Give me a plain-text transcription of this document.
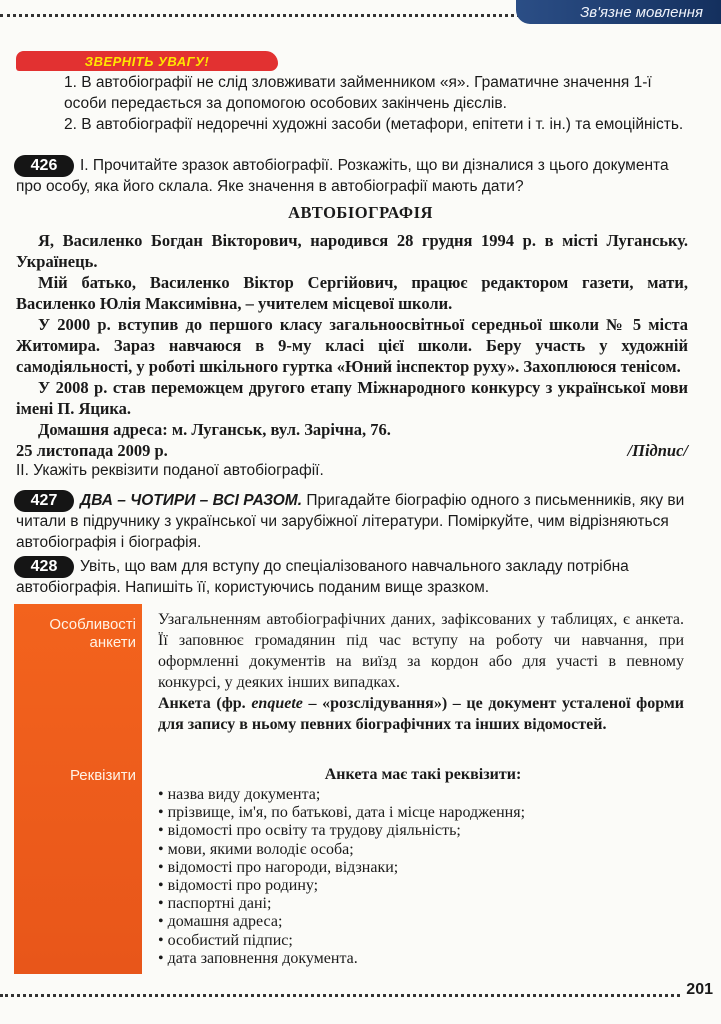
Зв'язне мовлення
ЗВЕРНІТЬ УВАГУ!
1. В автобіографії не слід зловживати займенником «я». Граматичне значення 1-ї особи передається за допомогою особових закінчень дієслів.
2. В автобіографії недоречні художні засоби (метафори, епітети і т. ін.) та емоційність.
426	І. Прочитайте зразок автобіографії. Розкажіть, що ви дізналися з цього документа про особу, яка його склала. Яке значення в автобіографії мають дати?
АВТОБІОГРАФІЯ

Я, Василенко Богдан Вікторович, народився 28 грудня 1994 р. в місті Луганську. Українець.

Мій батько, Василенко Віктор Сергійович, працює редактором газети, мати, Василенко Юлія Максимівна, – учителем місцевої школи.

У 2000 р. вступив до першого класу загальноосвітньої середньої школи № 5 міста Житомира. Зараз навчаюся в 9-му класі цієї школи. Беру участь у художній самодіяльності, у роботі шкільного гуртка «Юний інспектор руху». Захоплююся тенісом.

У 2008 р. став переможцем другого етапу Міжнародного конкурсу з української мови імені П. Яцика.

Домашня адреса: м. Луганськ, вул. Зарічна, 76.

25 листопада 2009 р.	/Підпис/

ІІ. Укажіть реквізити поданої автобіографії.
427	ДВА – ЧОТИРИ – ВСІ РАЗОМ. Пригадайте біографію одного з письменників, яку ви читали в підручнику з української чи зарубіжної літератури. Поміркуйте, чим відрізняються автобіографія і біографія.
428	Увіть, що вам для вступу до спеціалізованого навчального закладу потрібна автобіографія. Напишіть її, користуючись поданим вище зразком.
Особливості анкети
Реквізити

Узагальненням автобіографічних даних, зафіксованих у таблицях, є анкета. Її заповнює громадянин під час вступу на роботу чи навчання, при оформленні документів на виїзд за кордон або для участі в певному конкурсі, у деяких інших випадках.

Анкета (фр. enquete – «розслідування») – це документ усталеної форми для запису в ньому певних біографічних та інших відомостей.

Анкета має такі реквізити:
• назва виду документа;
• прізвище, ім'я, по батькові, дата і місце народження;
• відомості про освіту та трудову діяльність;
• мови, якими володіє особа;
• відомості про нагороди, відзнаки;
• відомості про родину;
• паспортні дані;
• домашня адреса;
• особистий підпис;
• дата заповнення документа.
201
